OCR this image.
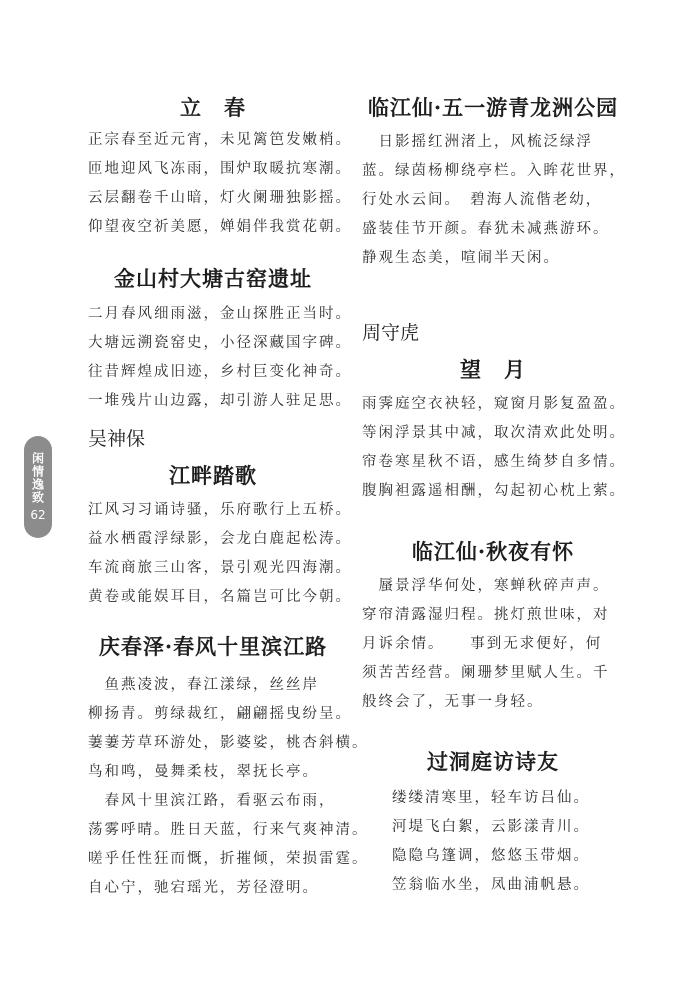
闲情逸致
62
立　春
正宗春至近元宵，未见篱笆发嫩梢。
匝地迎风飞冻雨，围炉取暖抗寒潮。
云层翻卷千山暗，灯火阑珊独影摇。
仰望夜空祈美愿，婵娟伴我赏花朝。
金山村大塘古窑遗址
二月春风细雨滋，金山探胜正当时。
大塘远溯瓷窑史，小径深藏国字碑。
往昔辉煌成旧迹，乡村巨变化神奇。
一堆残片山边露，却引游人驻足思。
吴神保
江畔踏歌
江风习习诵诗骚，乐府歌行上五桥。
益水栖霞浮绿影，会龙白鹿起松涛。
车流商旅三山客，景引观光四海潮。
黄卷或能娱耳目，名篇岂可比今朝。
庆春泽·春风十里滨江路
　鱼燕凌波，春江漾绿，丝丝岸
柳扬青。剪绿裁红，翩翩摇曳纷呈。
萋萋芳草环游处，影婆娑，桃杏斜横。
鸟和鸣，曼舞柔枝，翠抚长亭。
　春风十里滨江路，看驱云布雨，
荡雾呼晴。胜日天蓝，行来气爽神清。
嗟乎任性狂而慨，折摧倾，荣损雷霆。
自心宁，驰宕瑶光，芳径澄明。
临江仙·五一游青龙洲公园
　日影摇红洲渚上，风梳泛绿浮
蓝。绿茵杨柳绕亭栏。入眸花世界，
行处水云间。　碧海人流偕老幼，
盛装佳节开颜。春犹未减燕游环。
静观生态美，喧闹半天闲。
周守虎
望　月
雨霁庭空衣袂轻，窥窗月影复盈盈。
等闲浮景其中减，取次清欢此处明。
帘卷寒星秋不语，感生绮梦自多情。
腹胸袒露遥相酬，勾起初心枕上萦。
临江仙·秋夜有怀
　蜃景浮华何处，寒蝉秋碎声声。
穿帘清露湿归程。挑灯煎世味，对
月诉余情。　　事到无求便好，何
须苦苦经营。阑珊梦里赋人生。千
般终会了，无事一身轻。
过洞庭访诗友
缕缕清寒里，轻车访吕仙。
河堤飞白絮，云影漾青川。
隐隐乌篷调，悠悠玉带烟。
笠翁临水坐，凤曲浦帆悬。
